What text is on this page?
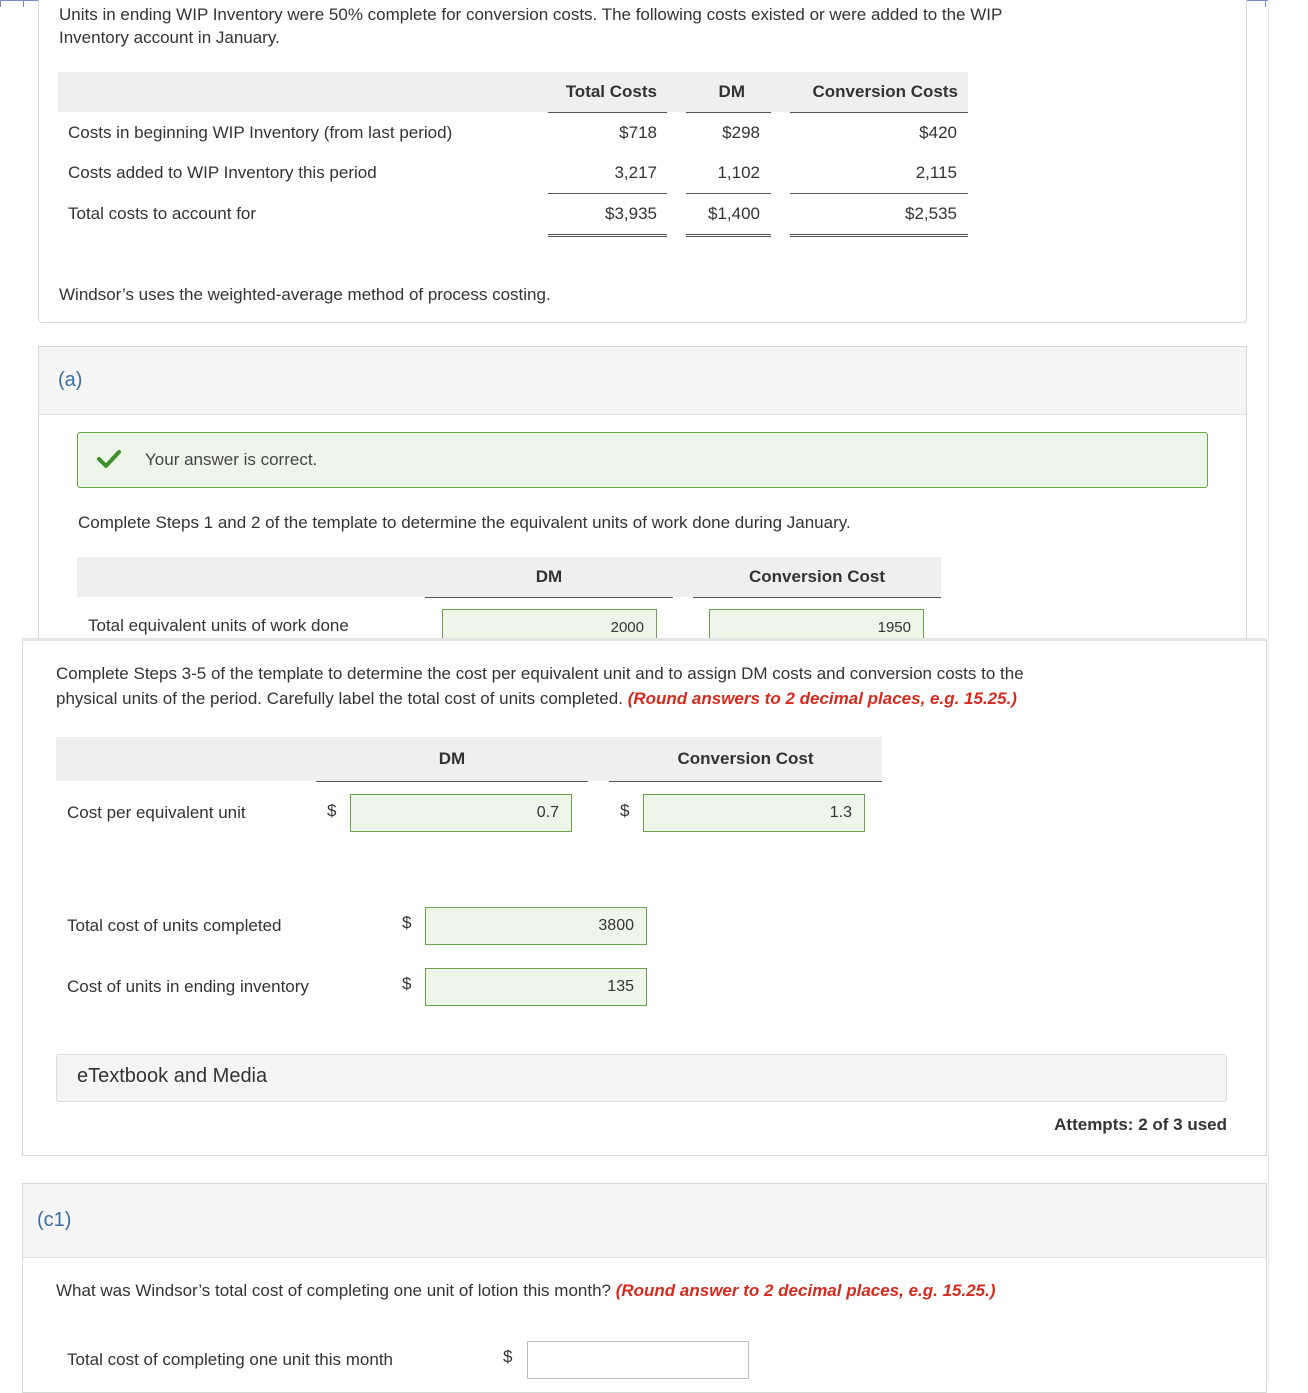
Units in ending WIP Inventory were 50% complete for conversion costs. The following costs existed or were added to the WIP
Inventory account in January.
Total Costs	DM	Conversion Costs
Costs in beginning WIP Inventory (from last period)	$718	$298	$420
Costs added to WIP Inventory this period	3,217	1,102	2,115
Total costs to account for	$3,935	$1,400	$2,535
Windsor’s uses the weighted-average method of process costing.
(a)
Your answer is correct.
Complete Steps 1 and 2 of the template to determine the equivalent units of work done during January.
DM	Conversion Cost
Total equivalent units of work done	2000	1950
Complete Steps 3-5 of the template to determine the cost per equivalent unit and to assign DM costs and conversion costs to the
physical units of the period. Carefully label the total cost of units completed. (Round answers to 2 decimal places, e.g. 15.25.)
DM	Conversion Cost
Cost per equivalent unit	$	0.7	$	1.3
Total cost of units completed	$	3800
Cost of units in ending inventory	$	135
eTextbook and Media
Attempts: 2 of 3 used
(c1)
What was Windsor’s total cost of completing one unit of lotion this month? (Round answer to 2 decimal places, e.g. 15.25.)
Total cost of completing one unit this month	$
